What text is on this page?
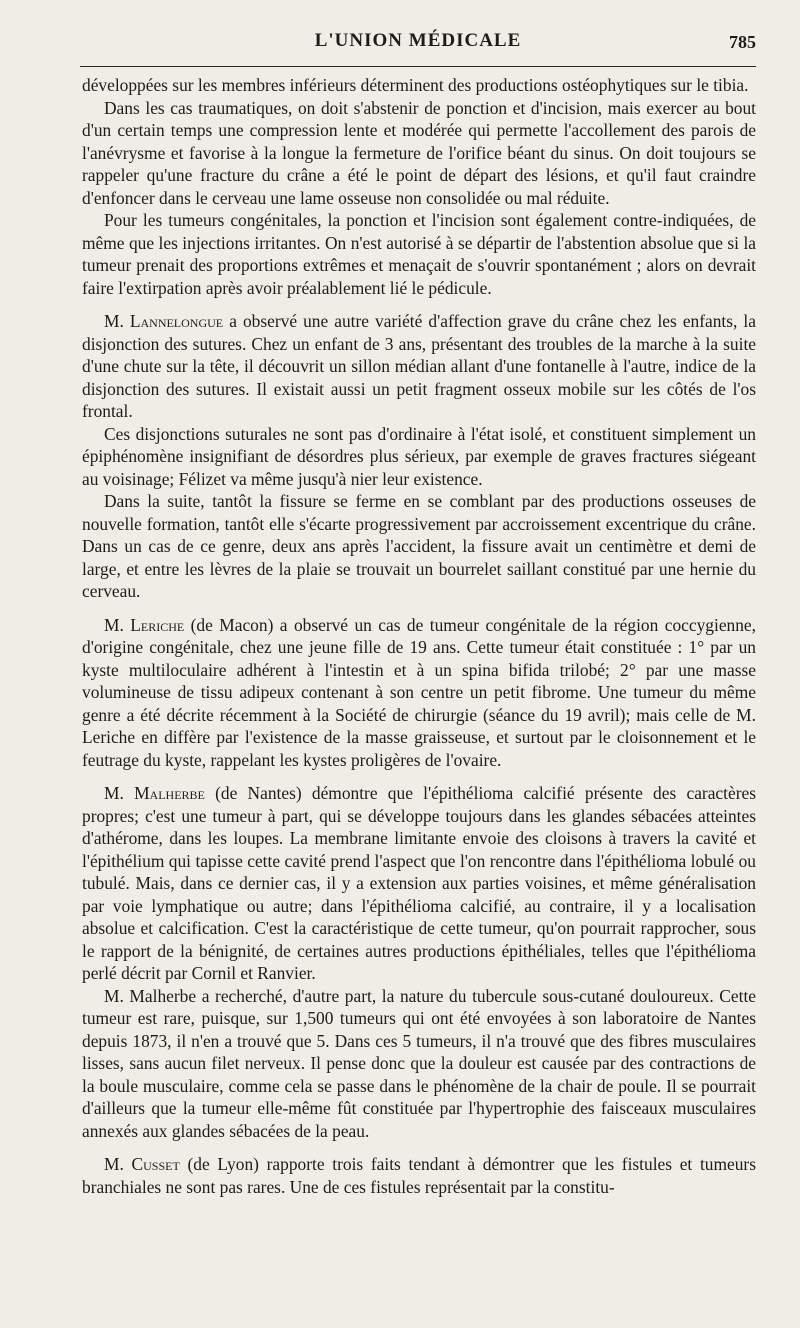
L'UNION MÉDICALE	785

développées sur les membres inférieurs déterminent des productions ostéophytiques sur le tibia.

Dans les cas traumatiques, on doit s'abstenir de ponction et d'incision, mais exercer au bout d'un certain temps une compression lente et modérée qui permette l'accollement des parois de l'anévrysme et favorise à la longue la fermeture de l'orifice béant du sinus. On doit toujours se rappeler qu'une fracture du crâne a été le point de départ des lésions, et qu'il faut craindre d'enfoncer dans le cerveau une lame osseuse non consolidée ou mal réduite.

Pour les tumeurs congénitales, la ponction et l'incision sont également contre-indiquées, de même que les injections irritantes. On n'est autorisé à se départir de l'abstention absolue que si la tumeur prenait des proportions extrêmes et menaçait de s'ouvrir spontanément ; alors on devrait faire l'extirpation après avoir préalablement lié le pédicule.

M. Lannelongue a observé une autre variété d'affection grave du crâne chez les enfants, la disjonction des sutures. Chez un enfant de 3 ans, présentant des troubles de la marche à la suite d'une chute sur la tête, il découvrit un sillon médian allant d'une fontanelle à l'autre, indice de la disjonction des sutures. Il existait aussi un petit fragment osseux mobile sur les côtés de l'os frontal.

Ces disjonctions suturales ne sont pas d'ordinaire à l'état isolé, et constituent simplement un épiphénomène insignifiant de désordres plus sérieux, par exemple de graves fractures siégeant au voisinage; Félizet va même jusqu'à nier leur existence.

Dans la suite, tantôt la fissure se ferme en se comblant par des productions osseuses de nouvelle formation, tantôt elle s'écarte progressivement par accroissement excentrique du crâne. Dans un cas de ce genre, deux ans après l'accident, la fissure avait un centimètre et demi de large, et entre les lèvres de la plaie se trouvait un bourrelet saillant constitué par une hernie du cerveau.

M. Leriche (de Macon) a observé un cas de tumeur congénitale de la région coccygienne, d'origine congénitale, chez une jeune fille de 19 ans. Cette tumeur était constituée : 1° par un kyste multiloculaire adhérent à l'intestin et à un spina bifida trilobé; 2° par une masse volumineuse de tissu adipeux contenant à son centre un petit fibrome. Une tumeur du même genre a été décrite récemment à la Société de chirurgie (séance du 19 avril); mais celle de M. Leriche en diffère par l'existence de la masse graisseuse, et surtout par le cloisonnement et le feutrage du kyste, rappelant les kystes proligères de l'ovaire.

M. Malherbe (de Nantes) démontre que l'épithélioma calcifié présente des caractères propres; c'est une tumeur à part, qui se développe toujours dans les glandes sébacées atteintes d'athérome, dans les loupes. La membrane limitante envoie des cloisons à travers la cavité et l'épithélium qui tapisse cette cavité prend l'aspect que l'on rencontre dans l'épithélioma lobulé ou tubulé. Mais, dans ce dernier cas, il y a extension aux parties voisines, et même généralisation par voie lymphatique ou autre; dans l'épithélioma calcifié, au contraire, il y a localisation absolue et calcification. C'est la caractéristique de cette tumeur, qu'on pourrait rapprocher, sous le rapport de la bénignité, de certaines autres productions épithéliales, telles que l'épithélioma perlé décrit par Cornil et Ranvier.

M. Malherbe a recherché, d'autre part, la nature du tubercule sous-cutané douloureux. Cette tumeur est rare, puisque, sur 1,500 tumeurs qui ont été envoyées à son laboratoire de Nantes depuis 1873, il n'en a trouvé que 5. Dans ces 5 tumeurs, il n'a trouvé que des fibres musculaires lisses, sans aucun filet nerveux. Il pense donc que la douleur est causée par des contractions de la boule musculaire, comme cela se passe dans le phénomène de la chair de poule. Il se pourrait d'ailleurs que la tumeur elle-même fût constituée par l'hypertrophie des faisceaux musculaires annexés aux glandes sébacées de la peau.

M. Cusset (de Lyon) rapporte trois faits tendant à démontrer que les fistules et tumeurs branchiales ne sont pas rares. Une de ces fistules représentait par la constitu-
